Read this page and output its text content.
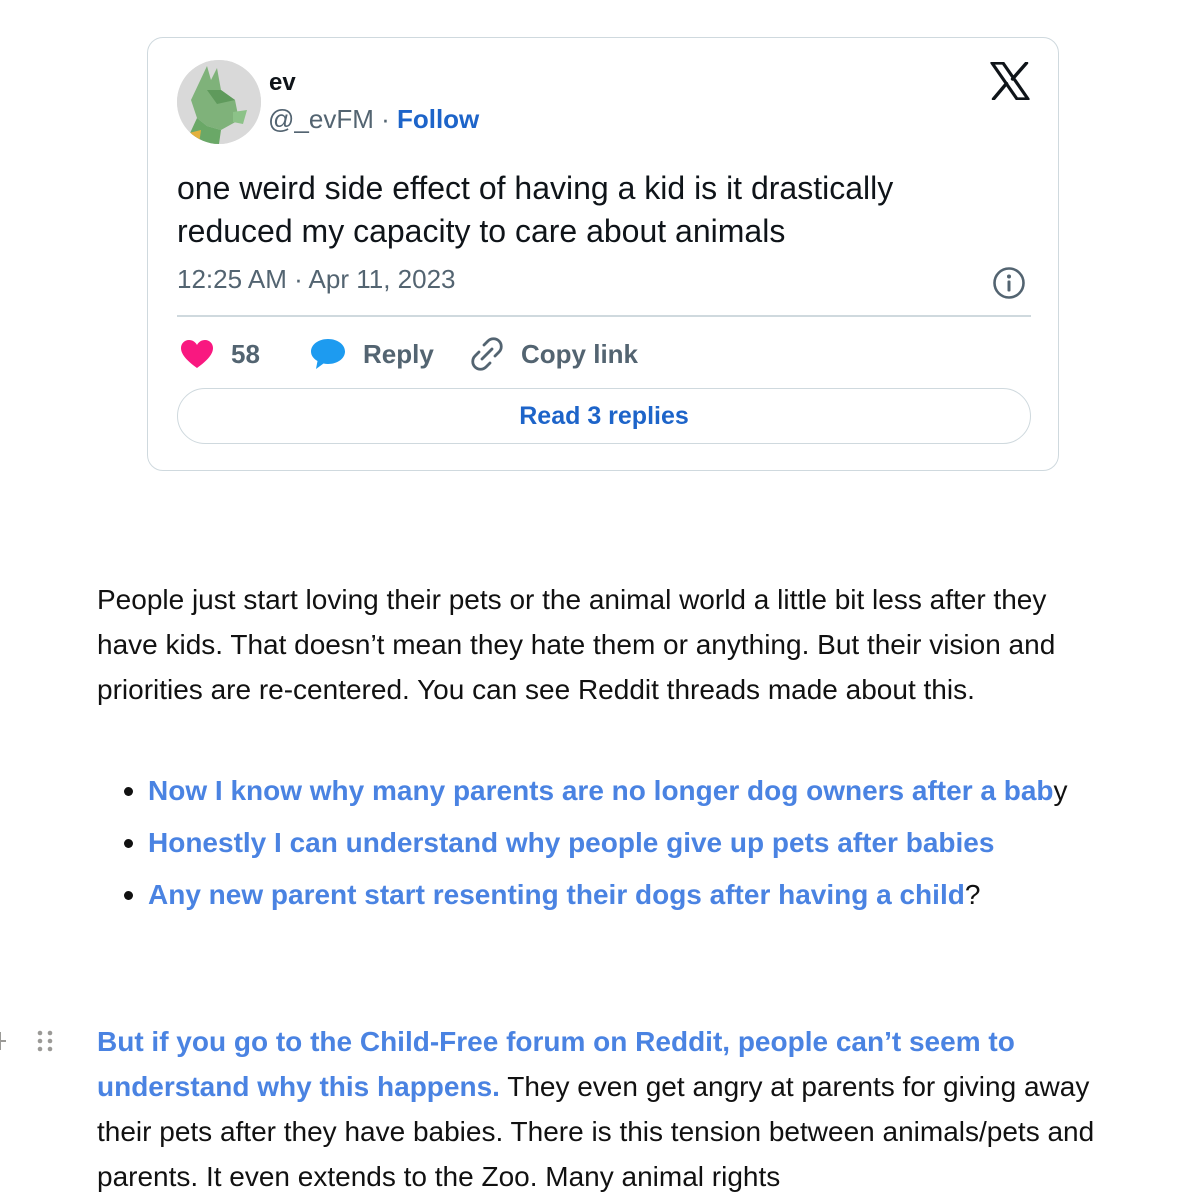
ev
@_evFM · Follow
one weird side effect of having a kid is it drastically reduced my capacity to care about animals
12:25 AM · Apr 11, 2023
58	Reply	Copy link
Read 3 replies
People just start loving their pets or the animal world a little bit less after they have kids. That doesn’t mean they hate them or anything. But their vision and priorities are re-centered. You can see Reddit threads made about this.
Now I know why many parents are no longer dog owners after a baby
Honestly I can understand why people give up pets after babies
Any new parent start resenting their dogs after having a child?
But if you go to the Child-Free forum on Reddit, people can’t seem to understand why this happens. They even get angry at parents for giving away their pets after they have babies. There is this tension between animals/pets and parents. It even extends to the Zoo. Many animal rights
